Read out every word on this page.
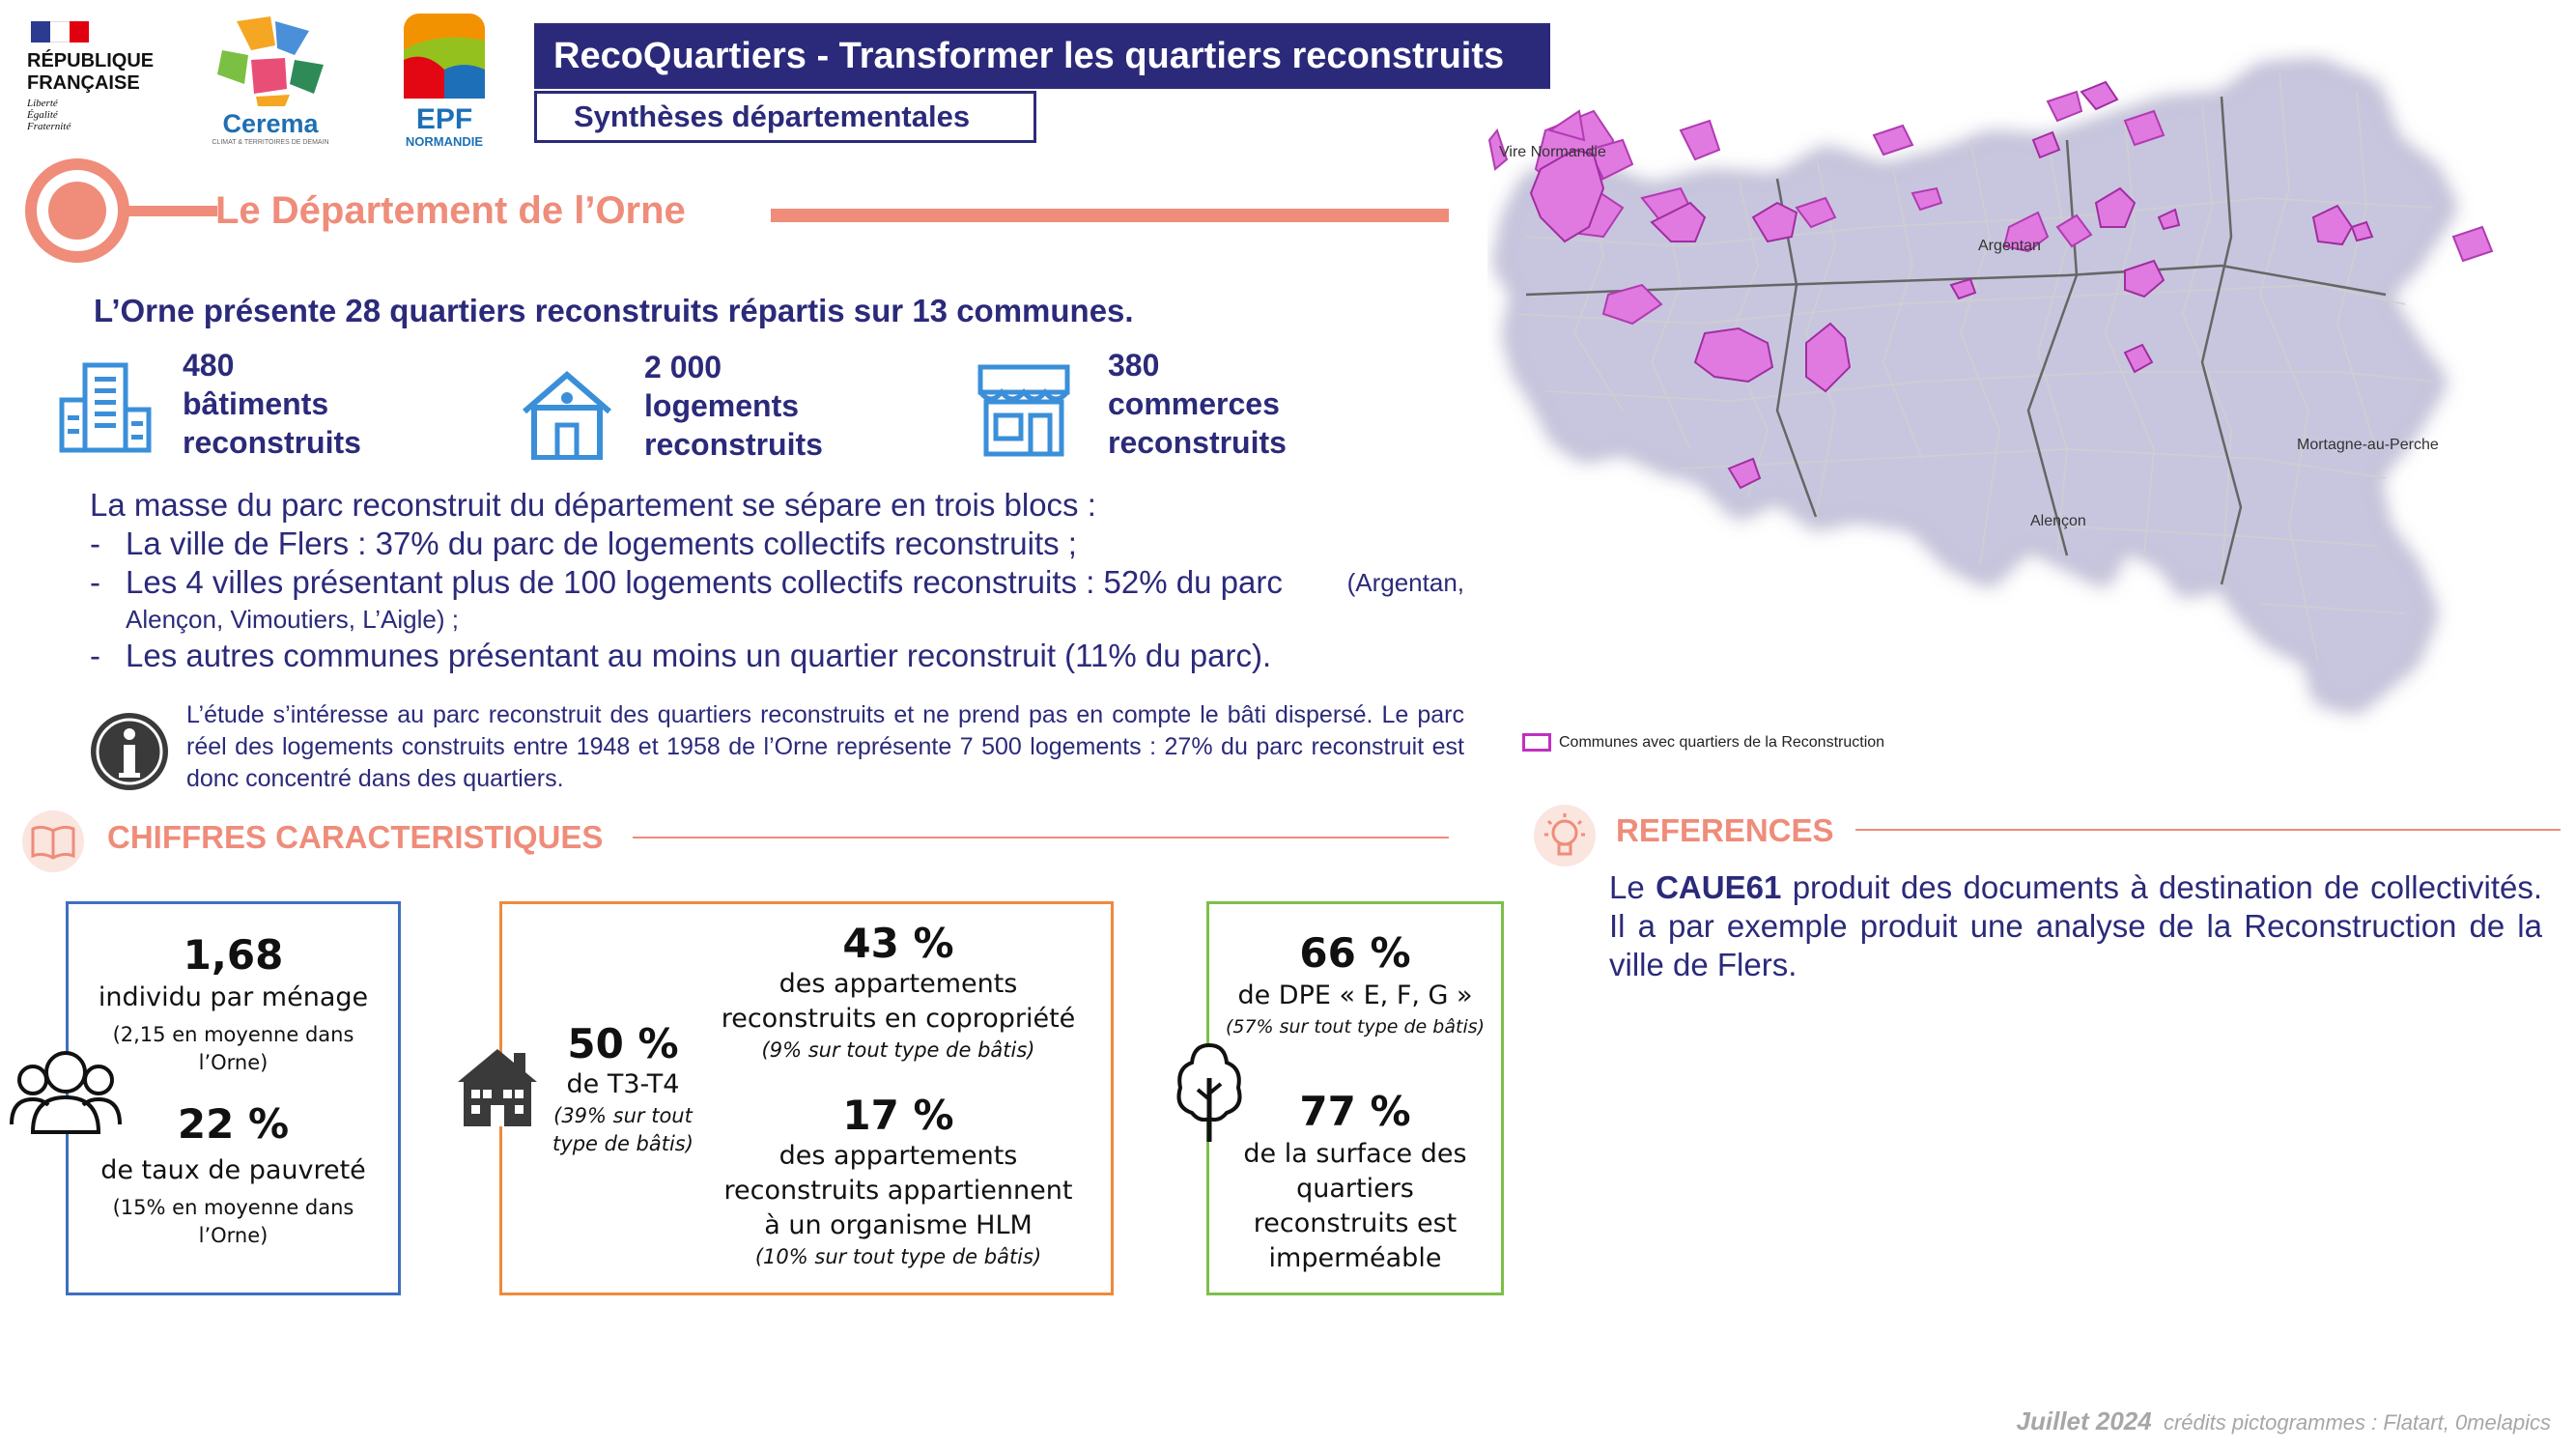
RÉPUBLIQUE
FRANÇAISE
Liberté
Égalité
Fraternité	Cerema
CLIMAT & TERRITOIRES DE DEMAIN
EPF
NORMANDIE
RecoQuartiers - Transformer les quartiers reconstruits
Synthèses départementales
Le Département de l’Orne
L’Orne présente 28 quartiers reconstruits répartis sur 13 communes.
480
bâtiments
reconstruits
2 000
logements
reconstruits
380
commerces
reconstruits
La masse du parc reconstruit du département se sépare en trois blocs :
- La ville de Flers : 37% du parc de logements collectifs reconstruits ;
- Les 4 villes présentant plus de 100 logements collectifs reconstruits : 52% du parc	(Argentan,
Alençon, Vimoutiers, L’Aigle) ;
- Les autres communes présentant au moins un quartier reconstruit (11% du parc).
L’étude s’intéresse au parc reconstruit des quartiers reconstruits et ne prend pas en compte le bâti dispersé. Le parc réel des logements construits entre 1948 et 1958 de l’Orne représente 7 500 logements : 27% du parc reconstruit est donc concentré dans des quartiers.
CHIFFRES CARACTERISTIQUES
1,68
individu par ménage
(2,15 en moyenne dans
l’Orne)
22 %
de taux de pauvreté
(15% en moyenne dans
l’Orne)
50 %
de T3-T4
(39% sur tout
type de bâtis)
43 %
des appartements
reconstruits en copropriété
(9% sur tout type de bâtis)
17 %
des appartements
reconstruits appartiennent
à un organisme HLM
(10% sur tout type de bâtis)
66 %
de DPE « E, F, G »
(57% sur tout type de bâtis)
77 %
de la surface des
quartiers
reconstruits est
imperméable
Vire Normandie
Argentan
Mortagne-au-Perche
Alençon
Communes avec quartiers de la Reconstruction
REFERENCES
Le CAUE61 produit des documents à destination de collectivités. Il a par exemple produit une analyse de la Reconstruction de la ville de Flers.
Juillet 2024 crédits pictogrammes : Flatart, 0melapics
